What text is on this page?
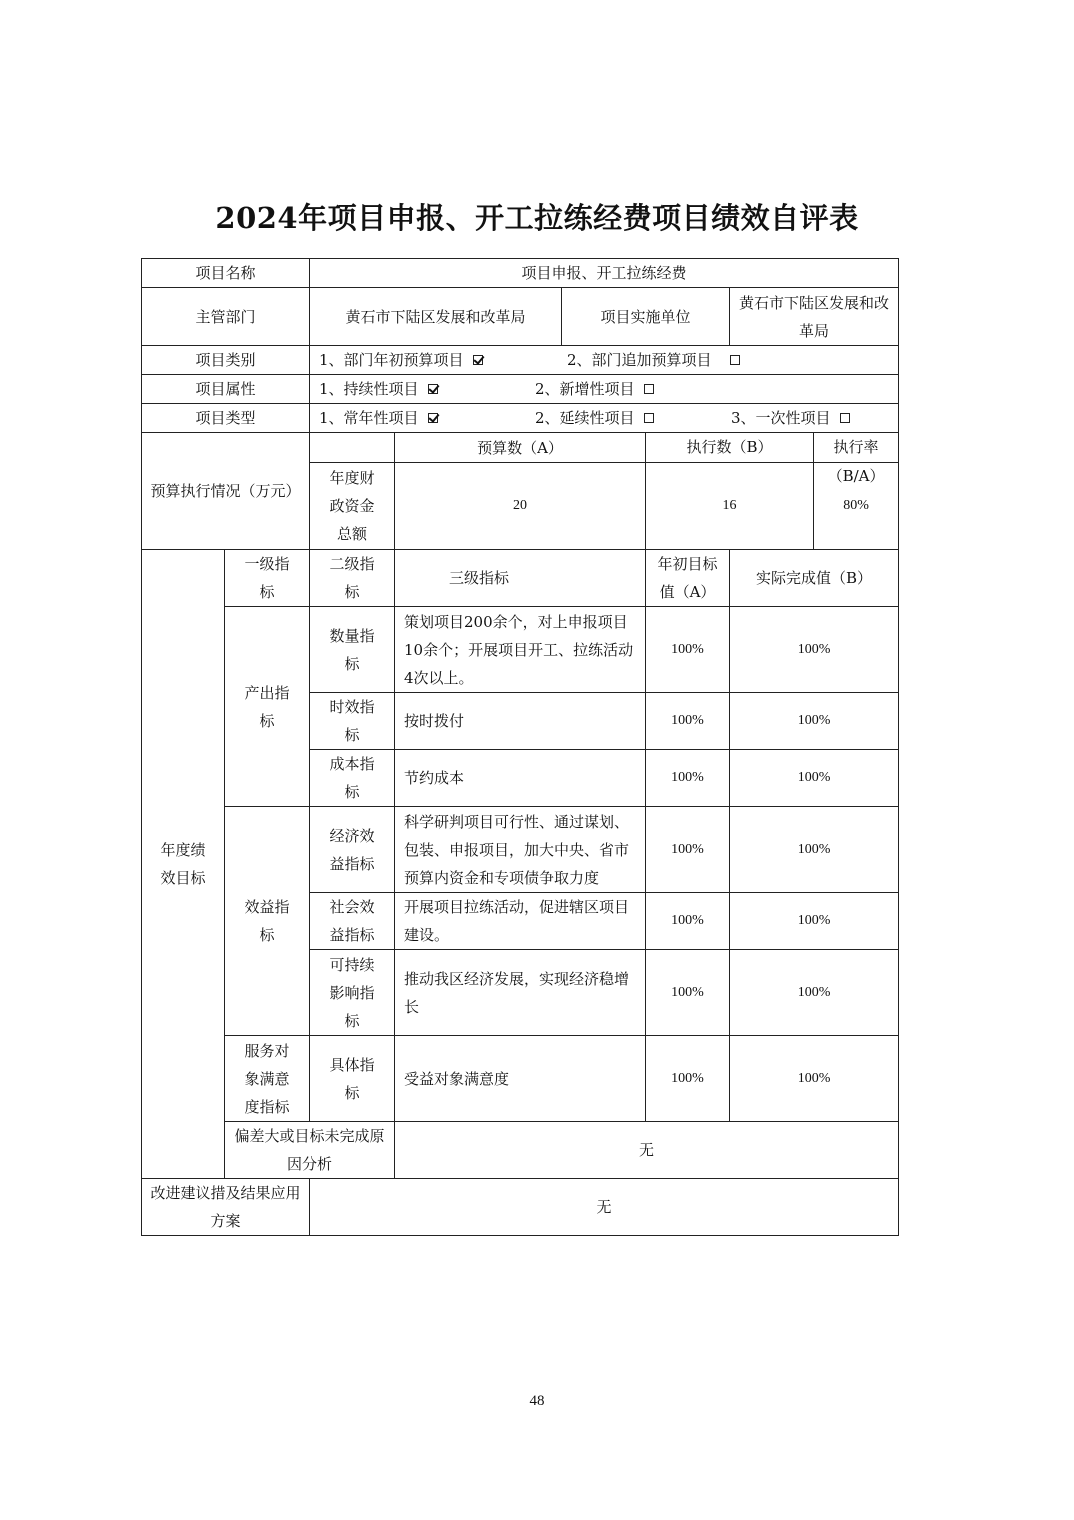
2024年项目申报、开工拉练经费项目绩效自评表
项目名称		项目申报、开工拉练经费				
主管部门		黄石市下陆区发展和改革局		项目实施单位		黄石市下陆区发展和改革局
项目类别		1、部门年初预算项目 2、部门追加预算项目				

项目属性		1、持续性项目 2、新增性项目				

项目类型		1、常年性项目 2、延续性项目 3、一次性项目				

预算执行情况（万元）			预算数（A）		执行数（B） 执行率（B/A）	

		年度财政资金总额	20		16 80%	

年度绩效目标	一级指标	二级指标	三级指标		年初目标值（A）	实际完成值（B）
	产出指标	数量指标	策划项目200余个，对上申报项目10余个；开展项目开工、拉练活动4次以上。		100%	100%
		时效指标	按时拨付		100%	100%
		成本指标	节约成本		100%	100%
	效益指标	经济效益指标	科学研判项目可行性、通过谋划、包装、申报项目，加大中央、省市预算内资金和专项债争取力度		100%	100%
		社会效益指标	开展项目拉练活动，促进辖区项目建设。		100%	100%
		可持续影响指标	推动我区经济发展，实现经济稳增长		100%	100%
	服务对象满意度指标	具体指标	受益对象满意度		100%	100%
	偏差大或目标未完成原因分析		无			
改进建议措及结果应用方案		无				
48
